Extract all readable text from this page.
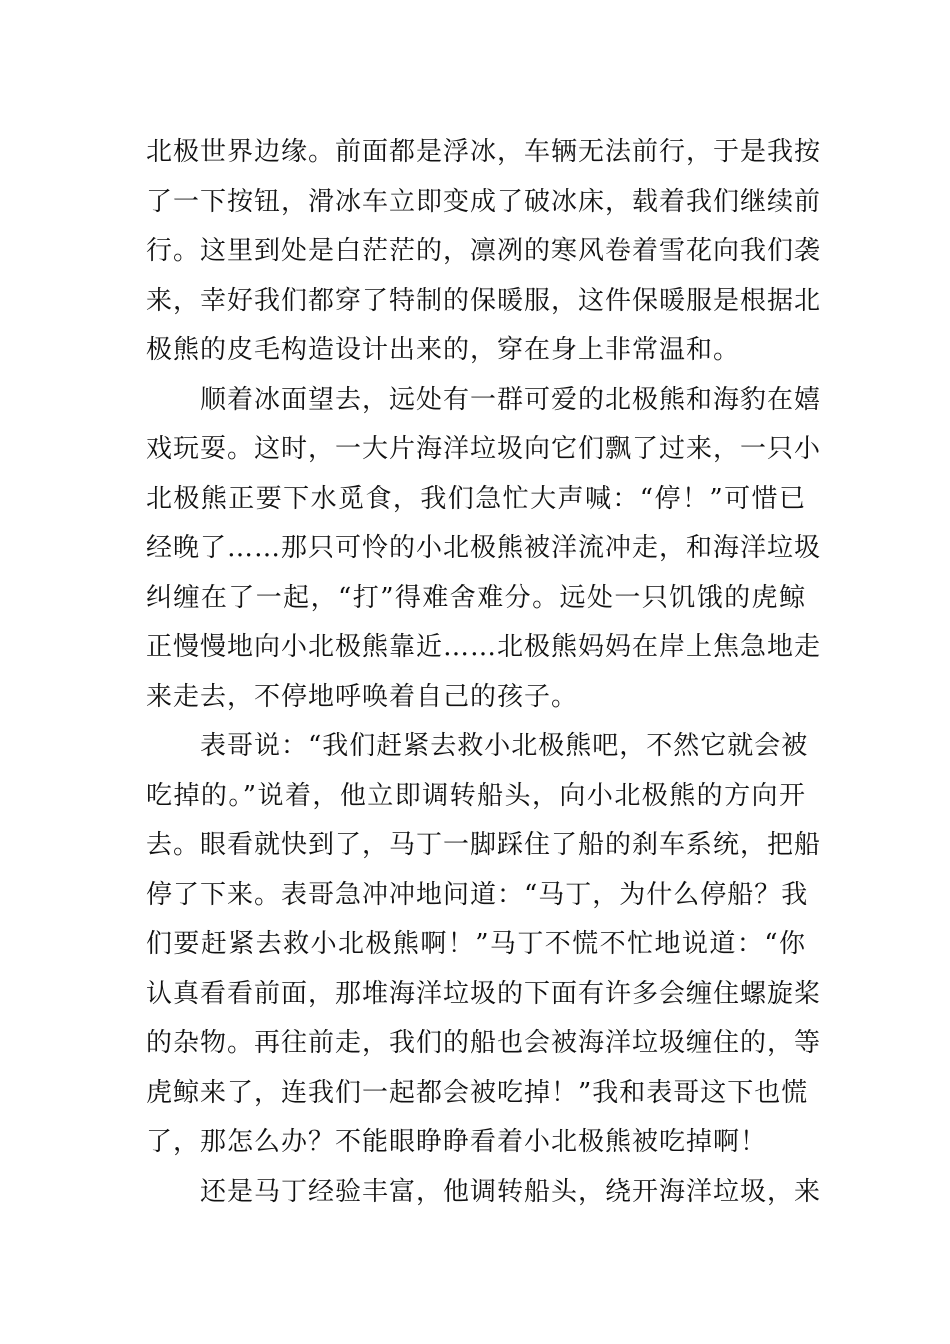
北极世界边缘。前面都是浮冰，车辆无法前行，于是我按
了一下按钮，滑冰车立即变成了破冰床，载着我们继续前
行。这里到处是白茫茫的，凛冽的寒风卷着雪花向我们袭
来，幸好我们都穿了特制的保暖服，这件保暖服是根据北
极熊的皮毛构造设计出来的，穿在身上非常温和。

顺着冰面望去，远处有一群可爱的北极熊和海豹在嬉
戏玩耍。这时，一大片海洋垃圾向它们飘了过来，一只小
北极熊正要下水觅食，我们急忙大声喊：“停！”可惜已
经晚了……那只可怜的小北极熊被洋流冲走，和海洋垃圾
纠缠在了一起，“打”得难舍难分。远处一只饥饿的虎鲸
正慢慢地向小北极熊靠近……北极熊妈妈在岸上焦急地走
来走去，不停地呼唤着自己的孩子。

表哥说：“我们赶紧去救小北极熊吧，不然它就会被
吃掉的。”说着，他立即调转船头，向小北极熊的方向开
去。眼看就快到了，马丁一脚踩住了船的刹车系统，把船
停了下来。表哥急冲冲地问道：“马丁，为什么停船？我
们要赶紧去救小北极熊啊！”马丁不慌不忙地说道：“你
认真看看前面，那堆海洋垃圾的下面有许多会缠住螺旋桨
的杂物。再往前走，我们的船也会被海洋垃圾缠住的，等
虎鲸来了，连我们一起都会被吃掉！”我和表哥这下也慌
了，那怎么办？不能眼睁睁看着小北极熊被吃掉啊！

还是马丁经验丰富，他调转船头，绕开海洋垃圾，来
